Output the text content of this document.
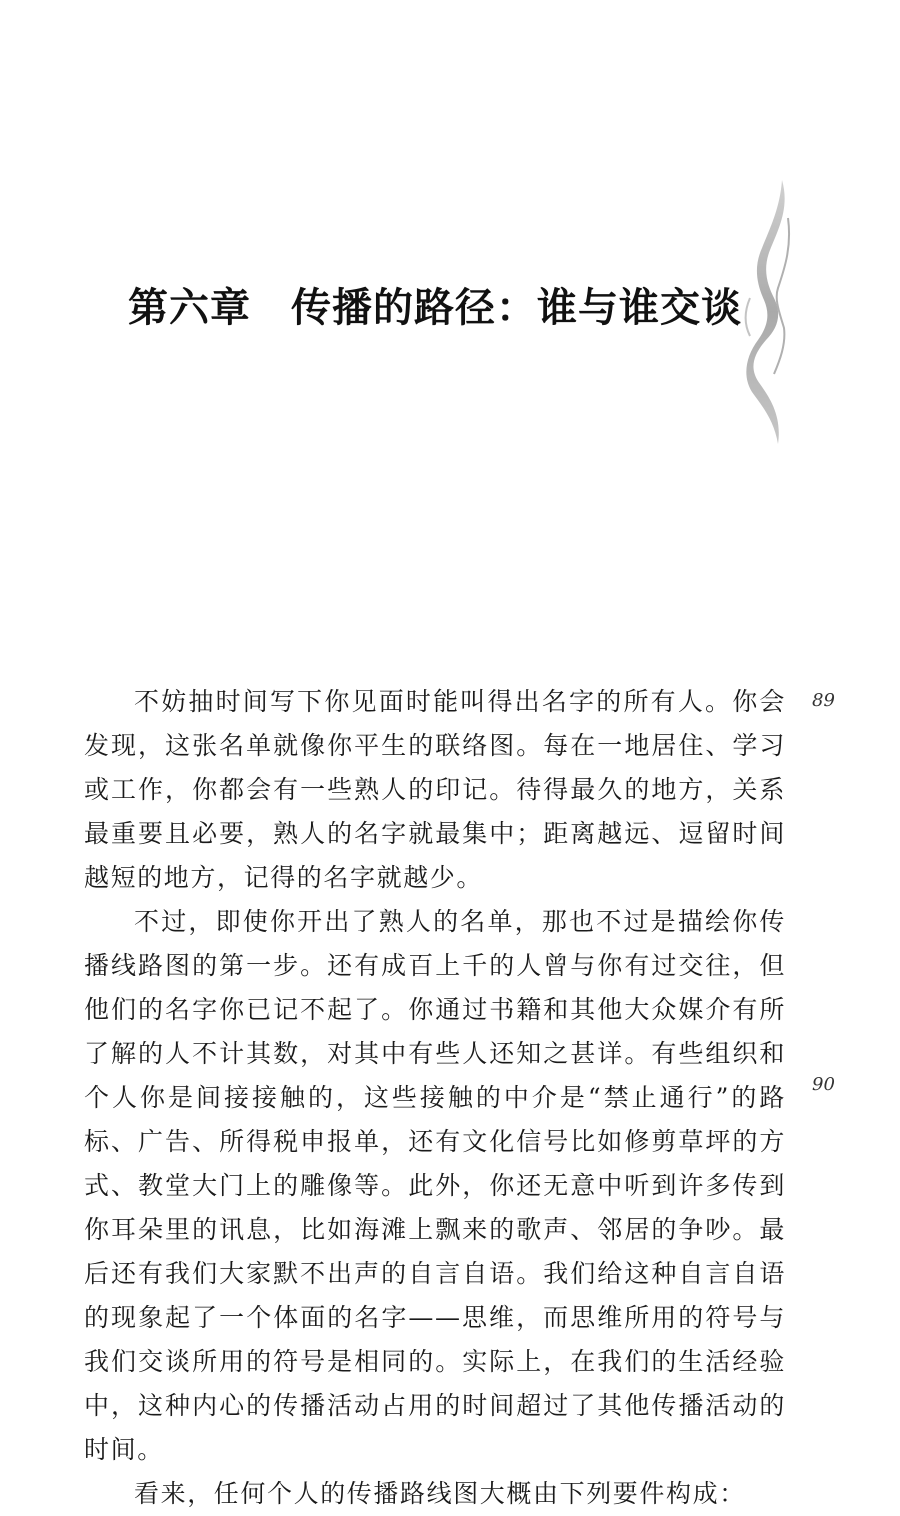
第六章 传播的路径：谁与谁交谈

不妨抽时间写下你见面时能叫得出名字的所有人。你会发现，这张名单就像你平生的联络图。每在一地居住、学习或工作，你都会有一些熟人的印记。待得最久的地方，关系最重要且必要，熟人的名字就最集中；距离越远、逗留时间越短的地方，记得的名字就越少。

不过，即使你开出了熟人的名单，那也不过是描绘你传播线路图的第一步。还有成百上千的人曾与你有过交往，但他们的名字你已记不起了。你通过书籍和其他大众媒介有所了解的人不计其数，对其中有些人还知之甚详。有些组织和个人你是间接接触的，这些接触的中介是“禁止通行”的路标、广告、所得税申报单，还有文化信号比如修剪草坪的方式、教堂大门上的雕像等。此外，你还无意中听到许多传到你耳朵里的讯息，比如海滩上飘来的歌声、邻居的争吵。最后还有我们大家默不出声的自言自语。我们给这种自言自语的现象起了一个体面的名字——思维，而思维所用的符号与我们交谈所用的符号是相同的。实际上，在我们的生活经验中，这种内心的传播活动占用的时间超过了其他传播活动的时间。

看来，任何个人的传播路线图大概由下列要件构成：

89
90
